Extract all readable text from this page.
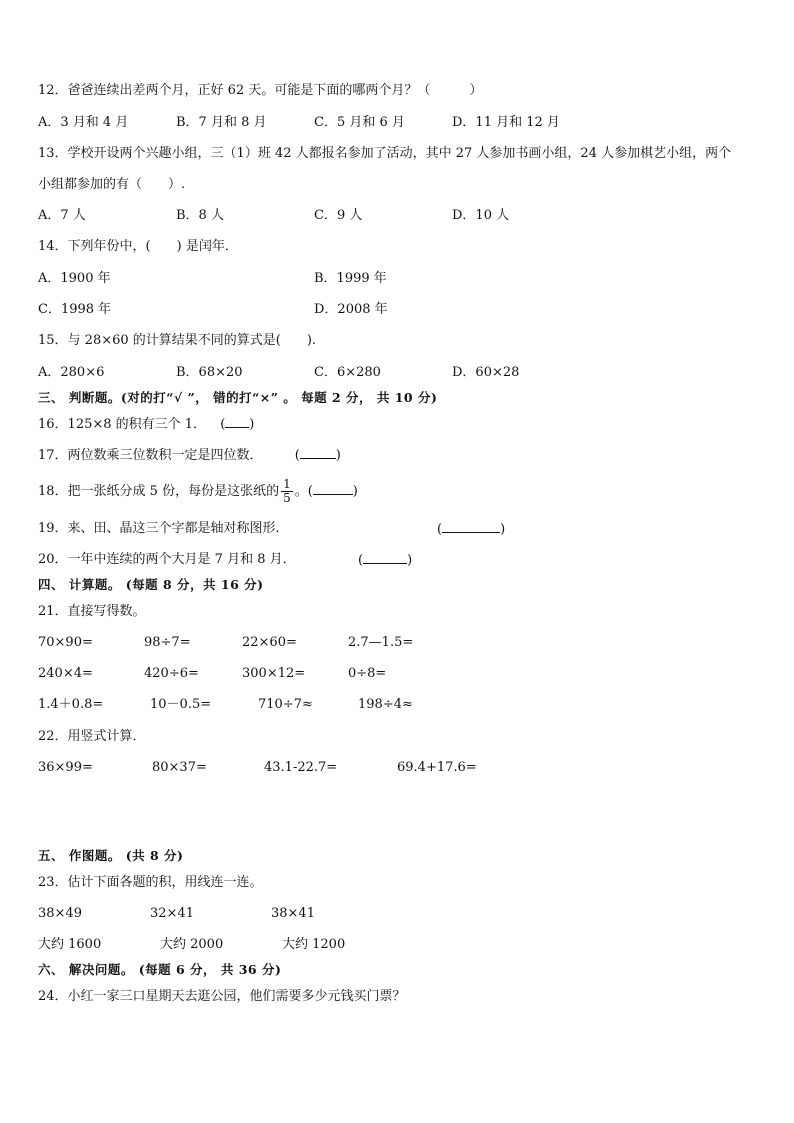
12．爸爸连续出差两个月，正好 62 天。可能是下面的哪两个月？（　　　）
A．3 月和 4 月	B．7 月和 8 月	C．5 月和 6 月	D．11 月和 12 月
13．学校开设两个兴趣小组，三（1）班 42 人都报名参加了活动，其中 27 人参加书画小组，24 人参加棋艺小组，两个
小组都参加的有（　　）.
A．7 人	B．8 人	C．9 人	D．10 人
14．下列年份中，(　　) 是闰年．
A．1900 年	B．1999 年
C．1998 年	D．2008 年
15．与 28×60 的计算结果不同的算式是(　　).
A．280×6	B．68×20	C．6×280	D．60×28
三、 判断题。(对的打“√ ”， 错的打“×” 。 每题 2 分， 共 10 分)
16．125×8 的积有三个 1． ( )
17．两位数乘三位数积一定是四位数． (	)
18．把一张纸分成 5 份，每份是这张纸的 $\frac{1}{5}$ 。(	)
19．来、田、晶这三个字都是轴对称图形．	(	)
20．一年中连续的两个大月是 7 月和 8 月．	(	)
四、 计算题。 (每题 8 分，共 16 分)
21．直接写得数。
70×90=	98÷7=	22×60=	2.7—1.5=
240×4=	420÷6=	300×12=	0÷8=
1.4＋0.8=	10－0.5=	710÷7≈	198÷4≈
22．用竖式计算．
36×99=	80×37=	43.1-22.7=	69.4+17.6=
五、 作图题。 (共 8 分)
23．估计下面各题的积，用线连一连。
38×49	32×41	38×41
大约 1600	大约 2000	大约 1200
六、 解决问题。 (每题 6 分， 共 36 分)
24．小红一家三口星期天去逛公园，他们需要多少元钱买门票？
